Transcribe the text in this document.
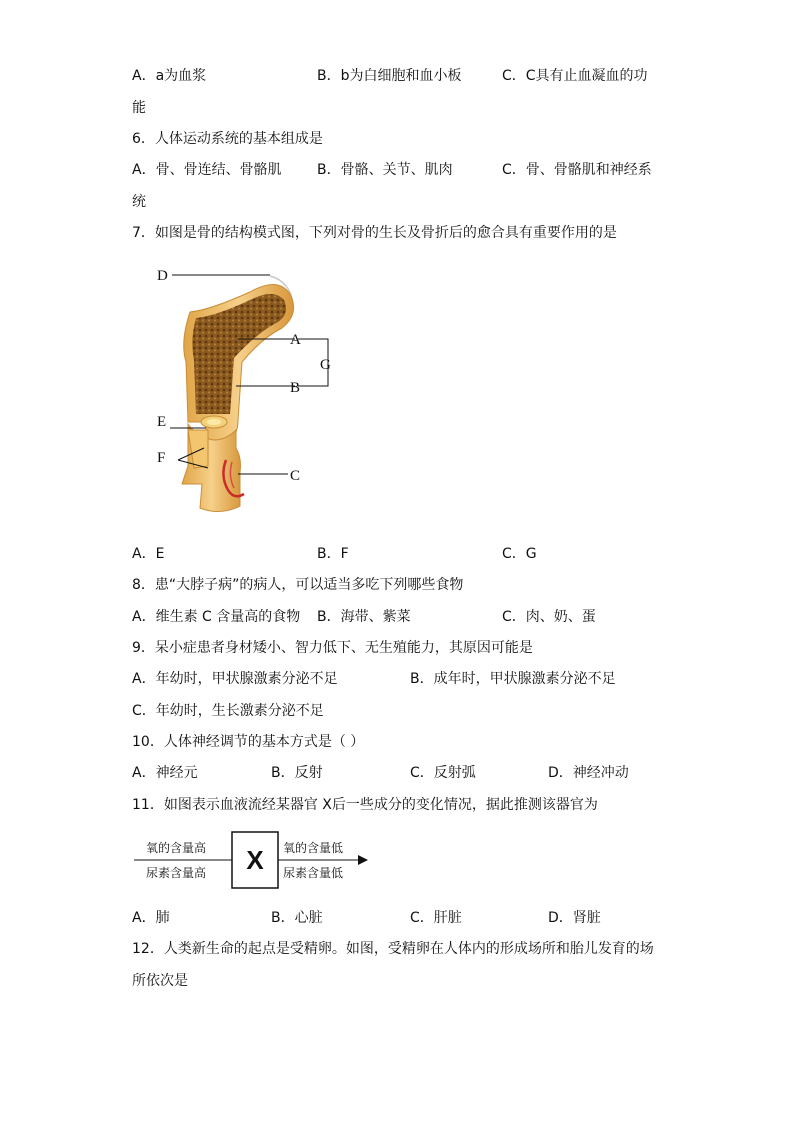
A．a为血浆	B．b为白细胞和血小板	C．C具有止血凝血的功
能
6．人体运动系统的基本组成是
A．骨、骨连结、骨骼肌	B．骨骼、关节、肌肉	C．骨、骨骼肌和神经系
统
7．如图是骨的结构模式图，下列对骨的生长及骨折后的愈合具有重要作用的是
D
A
G
B
E
F
C
A．E	B．F	C．G
8．患“大脖子病”的病人，可以适当多吃下列哪些食物
A．维生素 C 含量高的食物 B．海带、紫菜	C．肉、奶、蛋
9．呆小症患者身材矮小、智力低下、无生殖能力，其原因可能是
A．年幼时，甲状腺激素分泌不足	B．成年时，甲状腺激素分泌不足
C．年幼时，生长激素分泌不足
10．人体神经调节的基本方式是（ ）
A．神经元	B．反射	C．反射弧	D．神经冲动
11．如图表示血液流经某器官 X后一些成分的变化情况，据此推测该器官为
氧的含量高
尿素含量高	X	氧的含量低
尿素含量低
A．肺	B．心脏	C．肝脏	D．肾脏
12．人类新生命的起点是受精卵。如图，受精卵在人体内的形成场所和胎儿发育的场
所依次是
